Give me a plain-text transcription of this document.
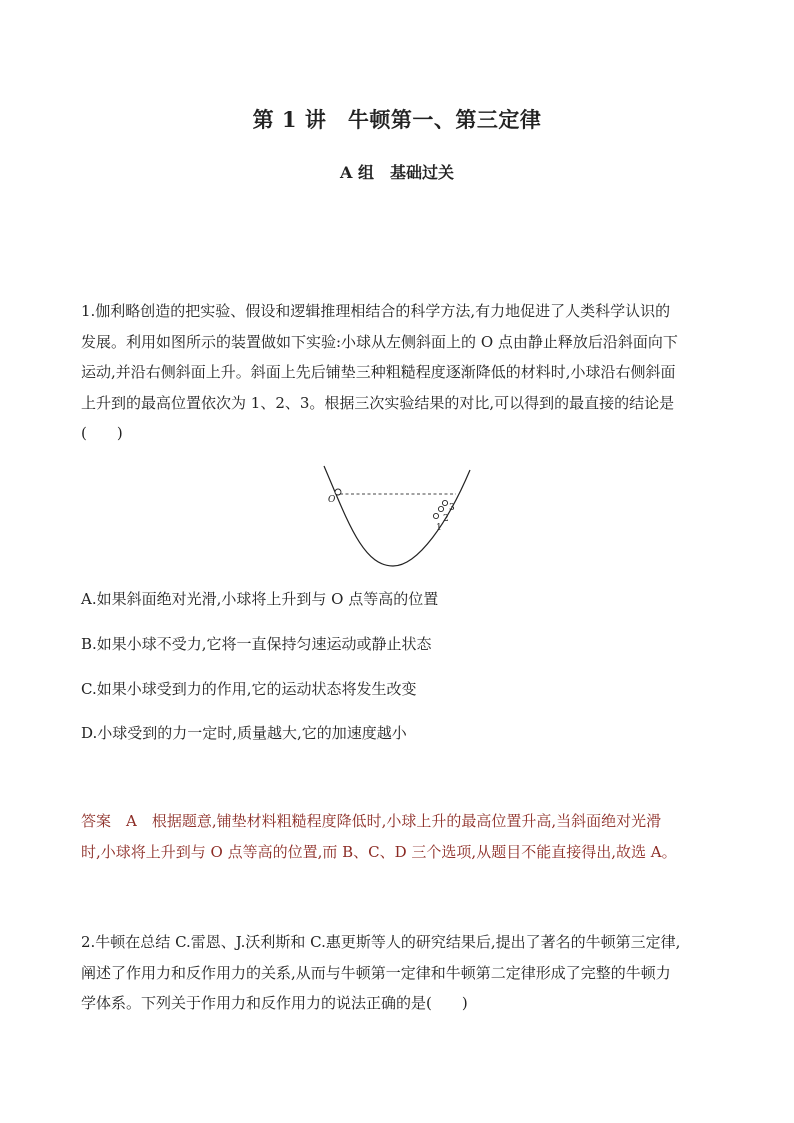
第 1 讲　牛顿第一、第三定律
A 组　基础过关
1.伽利略创造的把实验、假设和逻辑推理相结合的科学方法,有力地促进了人类科学认识的
发展。利用如图所示的装置做如下实验:小球从左侧斜面上的 O 点由静止释放后沿斜面向下
运动,并沿右侧斜面上升。斜面上先后铺垫三种粗糙程度逐渐降低的材料时,小球沿右侧斜面
上升到的最高位置依次为 1、2、3。根据三次实验结果的对比,可以得到的最直接的结论是
(　　)
O
1
2
3
A.如果斜面绝对光滑,小球将上升到与 O 点等高的位置
B.如果小球不受力,它将一直保持匀速运动或静止状态
C.如果小球受到力的作用,它的运动状态将发生改变
D.小球受到的力一定时,质量越大,它的加速度越小
答案　A　根据题意,铺垫材料粗糙程度降低时,小球上升的最高位置升高,当斜面绝对光滑
时,小球将上升到与 O 点等高的位置,而 B、C、D 三个选项,从题目不能直接得出,故选 A。
2.牛顿在总结 C.雷恩、J.沃利斯和 C.惠更斯等人的研究结果后,提出了著名的牛顿第三定律,
阐述了作用力和反作用力的关系,从而与牛顿第一定律和牛顿第二定律形成了完整的牛顿力
学体系。下列关于作用力和反作用力的说法正确的是(　　)
